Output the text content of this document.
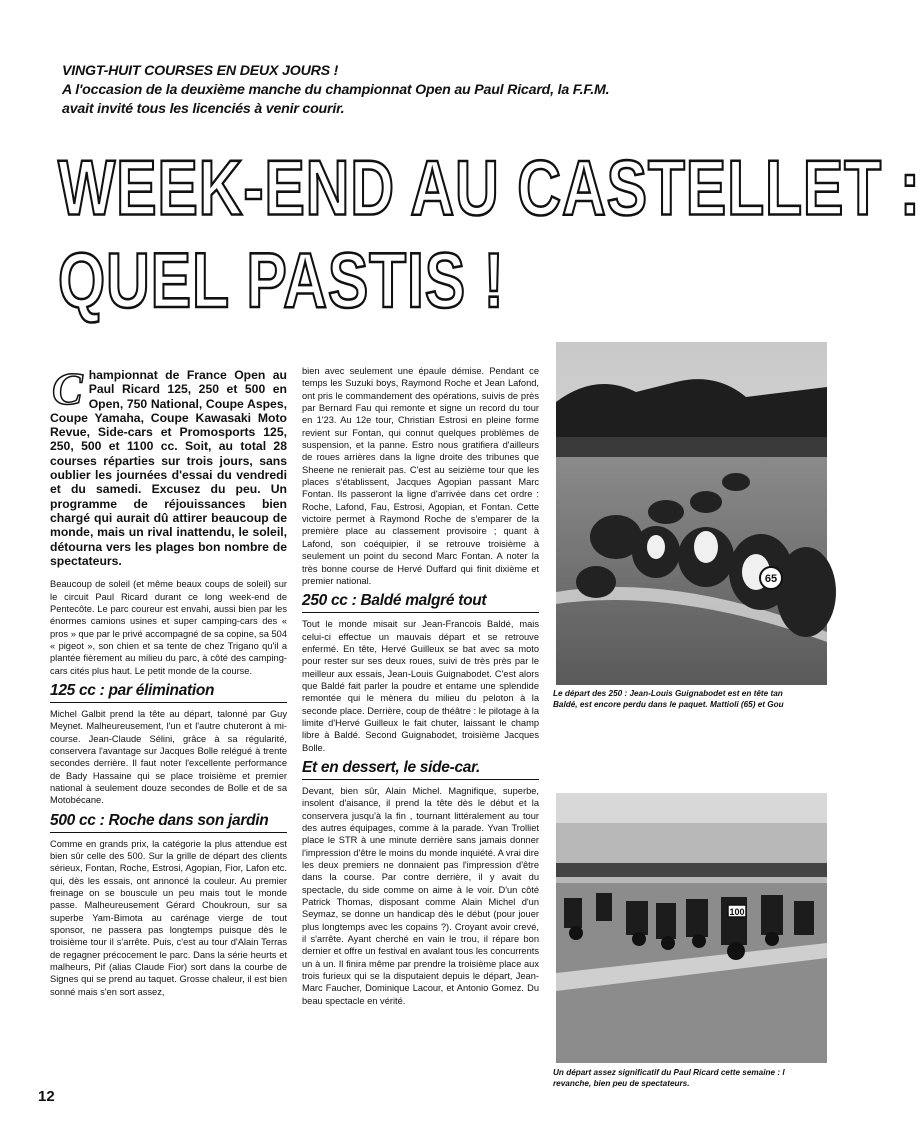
VINGT-HUIT COURSES EN DEUX JOURS !
A l'occasion de la deuxième manche du championnat Open au Paul Ricard, la F.F.M.
avait invité tous les licenciés à venir courir.
WEEK-END AU CASTELLET :
QUEL PASTIS !
Championnat de France Open au Paul Ricard 125, 250 et 500 en Open, 750 National, Coupe Aspes, Coupe Yamaha, Coupe Kawasaki Moto Revue, Side-cars et Promosports 125, 250, 500 et 1100 cc. Soit, au total 28 courses réparties sur trois jours, sans oublier les journées d'essai du vendredi et du samedi. Excusez du peu. Un programme de réjouissances bien chargé qui aurait dû attirer beaucoup de monde, mais un rival inattendu, le soleil, détourna vers les plages bon nombre de spectateurs.

Beaucoup de soleil (et même beaux coups de soleil) sur le circuit Paul Ricard durant ce long week-end de Pentecôte. Le parc coureur est envahi, aussi bien par les énormes camions usines et super camping-cars des « pros » que par le privé accompagné de sa copine, sa 504 « pigeot », son chien et sa tente de chez Trigano qu'il a plantée fièrement au milieu du parc, à côté des camping-cars cités plus haut. Le petit monde de la course.

125 cc : par élimination

Michel Galbit prend la tête au départ, talonné par Guy Meynet. Malheureusement, l'un et l'autre chuteront à mi-course. Jean-Claude Sélini, grâce à sa régularité, conservera l'avantage sur Jacques Bolle relégué à trente secondes derrière. Il faut noter l'excellente performance de Bady Hassaine qui se place troisième et premier national à seulement douze secondes de Bolle et de sa Motobécane.

500 cc : Roche dans son jardin

Comme en grands prix, la catégorie la plus attendue est bien sûr celle des 500. Sur la grille de départ des clients sérieux, Fontan, Roche, Estrosi, Agopian, Fior, Lafon etc. qui, dès les essais, ont annoncé la couleur. Au premier freinage on se bouscule un peu mais tout le monde passe. Malheureusement Gérard Choukroun, sur sa superbe Yam-Bimota au carénage vierge de tout sponsor, ne passera pas longtemps puisque dès le troisième tour il s'arrête. Puis, c'est au tour d'Alain Terras de regagner précocement le parc. Dans la série heurts et malheurs, Pif (alias Claude Fior) sort dans la courbe de Signes qui se prend au taquet. Grosse chaleur, il est bien sonné mais s'en sort assez,

bien avec seulement une épaule démise. Pendant ce temps les Suzuki boys, Raymond Roche et Jean Lafond, ont pris le commandement des opérations, suivis de près par Bernard Fau qui remonte et signe un record du tour en 1'23. Au 12e tour, Christian Estrosi en pleine forme revient sur Fontan, qui connut quelques problèmes de suspension, et la panne. Estro nous gratifiera d'ailleurs de roues arrières dans la ligne droite des tribunes que Sheene ne renierait pas. C'est au seizième tour que les places s'établissent, Jacques Agopian passant Marc Fontan. Ils passeront la ligne d'arrivée dans cet ordre : Roche, Lafond, Fau, Estrosi, Agopian, et Fontan. Cette victoire permet à Raymond Roche de s'emparer de la première place au classement provisoire ; quant à Lafond, son coéquipier, il se retrouve troisième à seulement un point du second Marc Fontan. A noter la très bonne course de Hervé Duffard qui finit dixième et premier national.

250 cc : Baldé malgré tout

Tout le monde misait sur Jean-Francois Baldé, mais celui-ci effectue un mauvais départ et se retrouve enfermé. En tête, Hervé Guilleux se bat avec sa moto pour rester sur ses deux roues, suivi de très près par le meilleur aux essais, Jean-Louis Guignabodet. C'est alors que Baldé fait parler la poudre et entame une splendide remontée qui le mènera du milieu du peloton à la seconde place. Derrière, coup de théâtre : le pilotage à la limite d'Hervé Guilleux le fait chuter, laissant le champ libre à Baldé. Second Guignabodet, troisième Jacques Bolle.

Et en dessert, le side-car.

Devant, bien sûr, Alain Michel. Magnifique, superbe, insolent d'aisance, il prend la tête dès le début et la conservera jusqu'à la fin , tournant littéralement au tour des autres équipages, comme à la parade. Yvan Trolliet place le STR à une minute derrière sans jamais donner l'impression d'être le moins du monde inquiété. A vrai dire les deux premiers ne donnaient pas l'impression d'être dans la course. Par contre derrière, il y avait du spectacle, du side comme on aime à le voir. D'un côté Patrick Thomas, disposant comme Alain Michel d'un Seymaz, se donne un handicap dès le début (pour jouer plus longtemps avec les copains ?). Croyant avoir crevé, il s'arrête. Ayant cherché en vain le trou, il répare bon dernier et offre un festival en avalant tous les concurrents un à un. Il finira même par prendre la troisième place aux trois furieux qui se la disputaient depuis le départ, Jean-Marc Faucher, Dominique Lacour, et Antonio Gomez. Du beau spectacle en vérité.

65
Le départ des 250 : Jean-Louis Guignabodet est en tête tan
Baldé, est encore perdu dans le paquet. Mattioli (65) et Gou
100
Un départ assez significatif du Paul Ricard cette semaine : l
revanche, bien peu de spectateurs.
12
